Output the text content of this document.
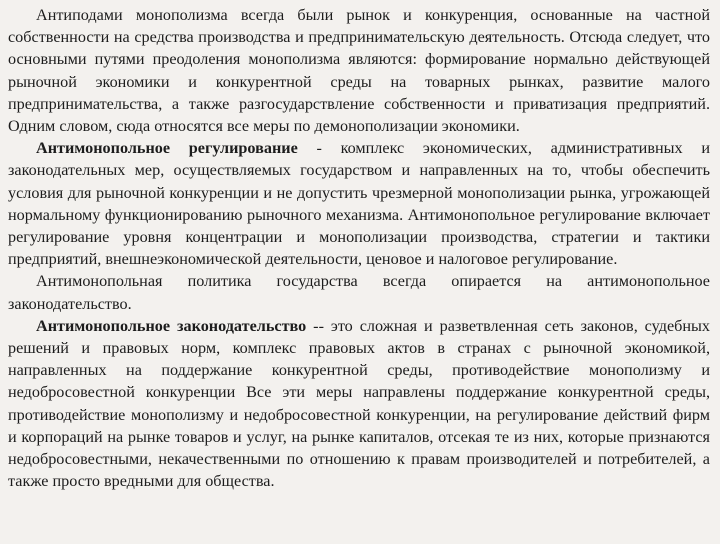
Антиподами монополизма всегда были рынок и конкуренция, основанные на частной собственности на средства производства и предпринимательскую деятельность. Отсюда следует, что основными путями преодоления монополизма являются: формирование нормально действующей рыночной экономики и конкурентной среды на товарных рынках, развитие малого предпринимательства, а также разгосударствление собственности и приватизация предприятий. Одним словом, сюда относятся все меры по демонополизации экономики.

Антимонопольное регулирование - комплекс экономических, административных и законодательных мер, осуществляемых государством и направленных на то, чтобы обеспечить условия для рыночной конкуренции и не допустить чрезмерной монополизации рынка, угрожающей нормальному функционированию рыночного механизма. Антимонопольное регулирование включает регулирование уровня концентрации и монополизации производства, стратегии и тактики предприятий, внешнеэкономической деятельности, ценовое и налоговое регулирование.

Антимонопольная политика государства всегда опирается на антимонопольное законодательство.

Антимонопольное законодательство -- это сложная и разветвленная сеть законов, судебных решений и правовых норм, комплекс правовых актов в странах с рыночной экономикой, направленных на поддержание конкурентной среды, противодействие монополизму и недобросовестной конкуренции Все эти меры направлены поддержание конкурентной среды, противодействие монополизму и недобросовестной конкуренции, на регулирование действий фирм и корпораций на рынке товаров и услуг, на рынке капиталов, отсекая те из них, которые признаются недобросовестными, некачественными по отношению к правам производителей и потребителей, а также просто вредными для общества.
